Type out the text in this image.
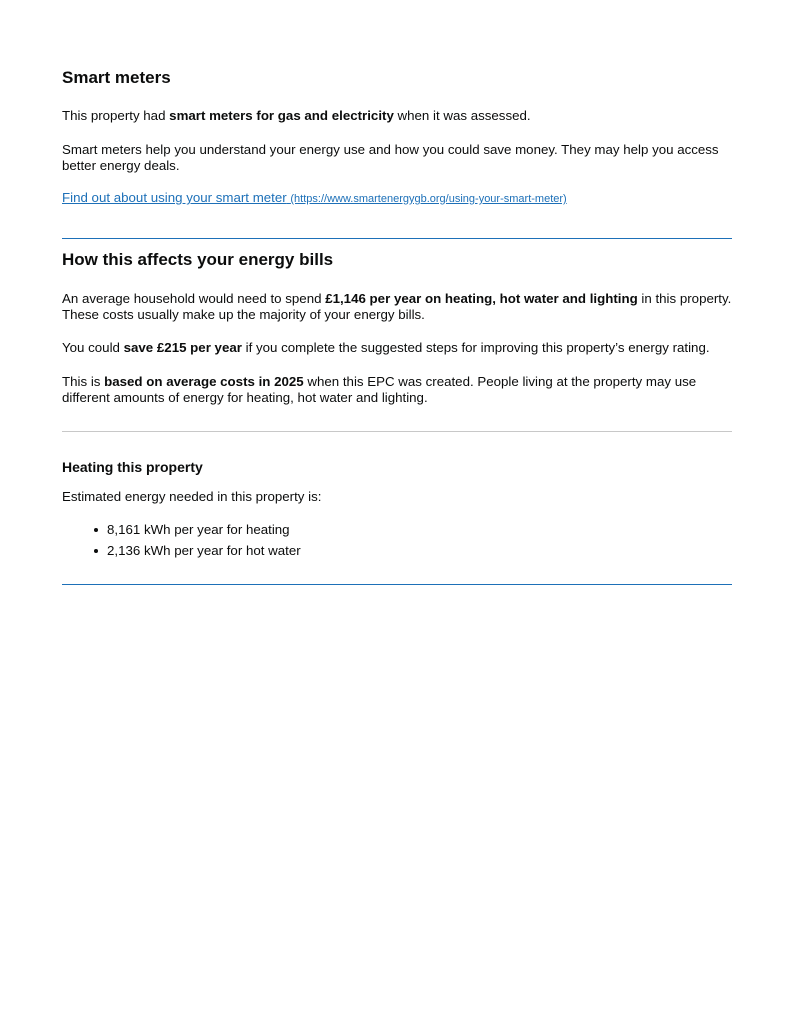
Smart meters

This property had smart meters for gas and electricity when it was assessed.

Smart meters help you understand your energy use and how you could save money. They may help you access better energy deals.

Find out about using your smart meter (https://www.smartenergygb.org/using-your-smart-meter)
How this affects your energy bills

An average household would need to spend £1,146 per year on heating, hot water and lighting in this property. These costs usually make up the majority of your energy bills.

You could save £215 per year if you complete the suggested steps for improving this property’s energy rating.

This is based on average costs in 2025 when this EPC was created. People living at the property may use different amounts of energy for heating, hot water and lighting.

Heating this property

Estimated energy needed in this property is:

8,161 kWh per year for heating
2,136 kWh per year for hot water
